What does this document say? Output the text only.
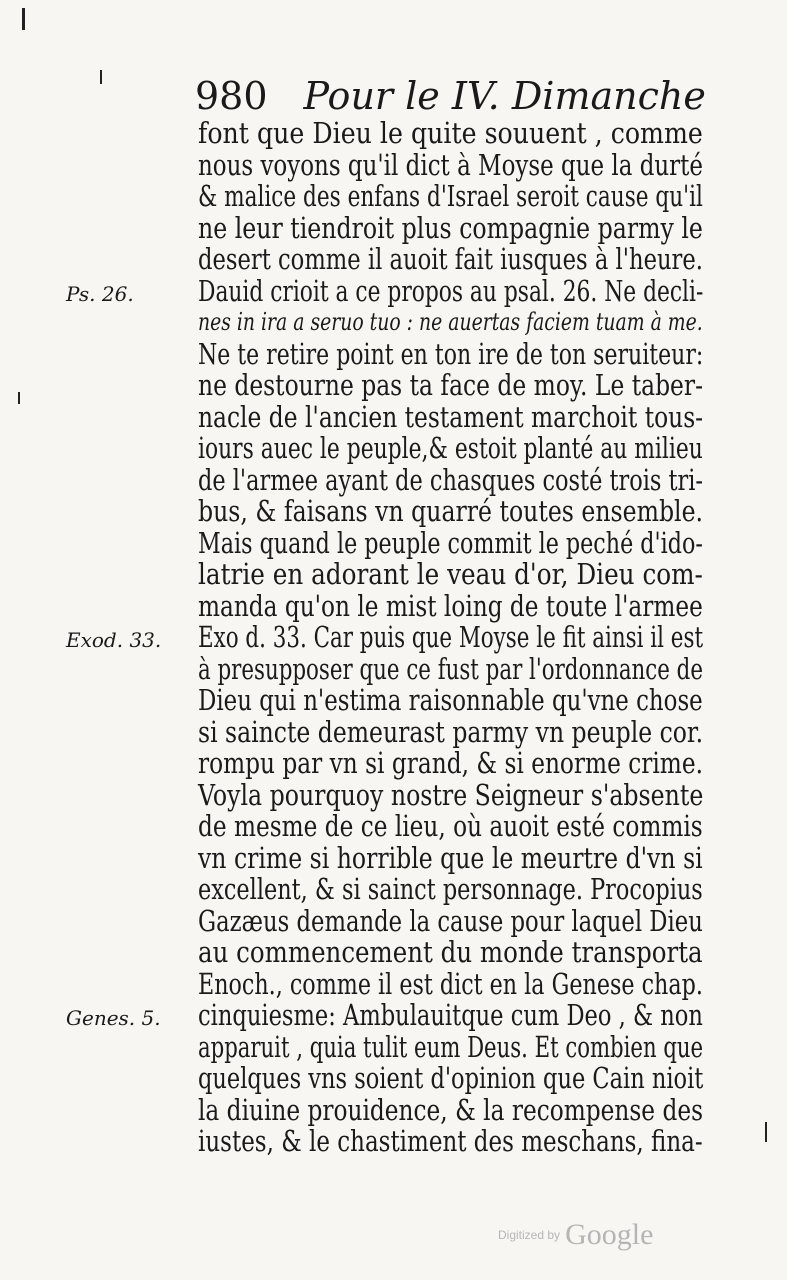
980 Pour le IV. Dimanche
font que Dieu le quite souuent , comme
nous voyons qu'il dict à Moyse que la durté
& malice des enfans d'Israel seroit cause qu'il
ne leur tiendroit plus compagnie parmy le
desert comme il auoit fait iusques à l'heure.
Dauid crioit a ce propos au psal. 26. Ne decli-
nes in ira a seruo tuo : ne auertas faciem tuam à me.
Ne te retire point en ton ire de ton seruiteur:
ne destourne pas ta face de moy. Le taber-
nacle de l'ancien testament marchoit tous-
iours auec le peuple,& estoit planté au milieu
de l'armee ayant de chasques costé trois tri-
bus, & faisans vn quarré toutes ensemble.
Mais quand le peuple commit le peché d'ido-
latrie en adorant le veau d'or, Dieu com-
manda qu'on le mist loing de toute l'armee
Exo d. 33. Car puis que Moyse le fit ainsi il est
à presupposer que ce fust par l'ordonnance de
Dieu qui n'estima raisonnable qu'vne chose
si saincte demeurast parmy vn peuple cor.
rompu par vn si grand, & si enorme crime.
Voyla pourquoy nostre Seigneur s'absente
de mesme de ce lieu, où auoit esté commis
vn crime si horrible que le meurtre d'vn si
excellent, & si sainct personnage. Procopius
Gazæus demande la cause pour laquel Dieu
au commencement du monde transporta
Enoch., comme il est dict en la Genese chap.
cinquiesme: Ambulauitque cum Deo , & non
apparuit , quia tulit eum Deus. Et combien que
quelques vns soient d'opinion que Cain nioit
la diuine prouidence, & la recompense des
iustes, & le chastiment des meschans, fina-
Ps. 26.
Exod. 33.
Genes. 5.
Digitized by Google
